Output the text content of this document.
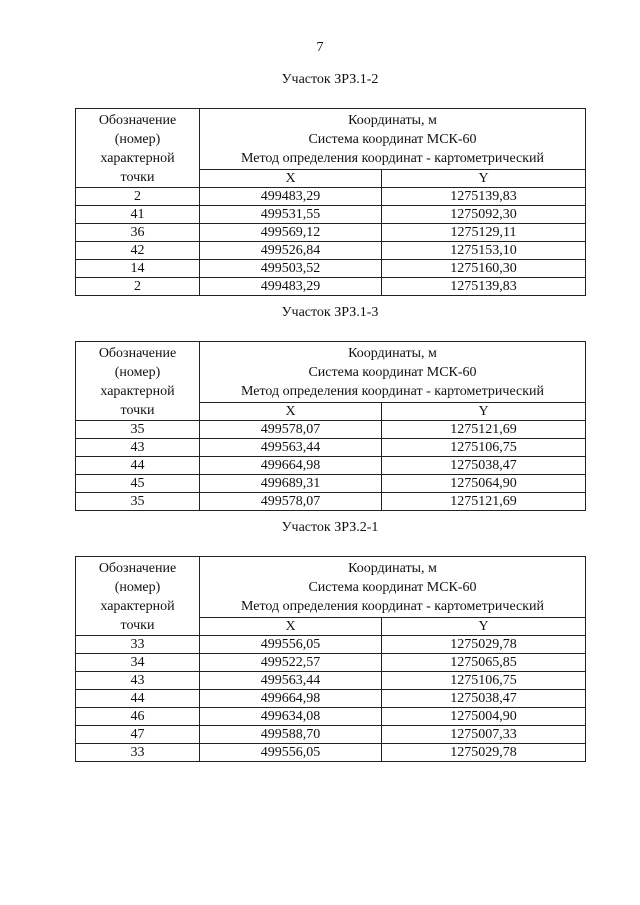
7
Участок ЗРЗ.1-2
Обозначение
(номер)
характерной
точки	Координаты, м
Система координат МСК-60
Метод определения координат - картометрический	

	X	Y
2	499483,29	1275139,83
41	499531,55	1275092,30
36	499569,12	1275129,11
42	499526,84	1275153,10
14	499503,52	1275160,30
2	499483,29	1275139,83
Участок ЗРЗ.1-3
Обозначение
(номер)
характерной
точки	Координаты, м
Система координат МСК-60
Метод определения координат - картометрический	

	X	Y
35	499578,07	1275121,69
43	499563,44	1275106,75
44	499664,98	1275038,47
45	499689,31	1275064,90
35	499578,07	1275121,69
Участок ЗРЗ.2-1
Обозначение
(номер)
характерной
точки	Координаты, м
Система координат МСК-60
Метод определения координат - картометрический	

	X	Y
33	499556,05	1275029,78
34	499522,57	1275065,85
43	499563,44	1275106,75
44	499664,98	1275038,47
46	499634,08	1275004,90
47	499588,70	1275007,33
33	499556,05	1275029,78
